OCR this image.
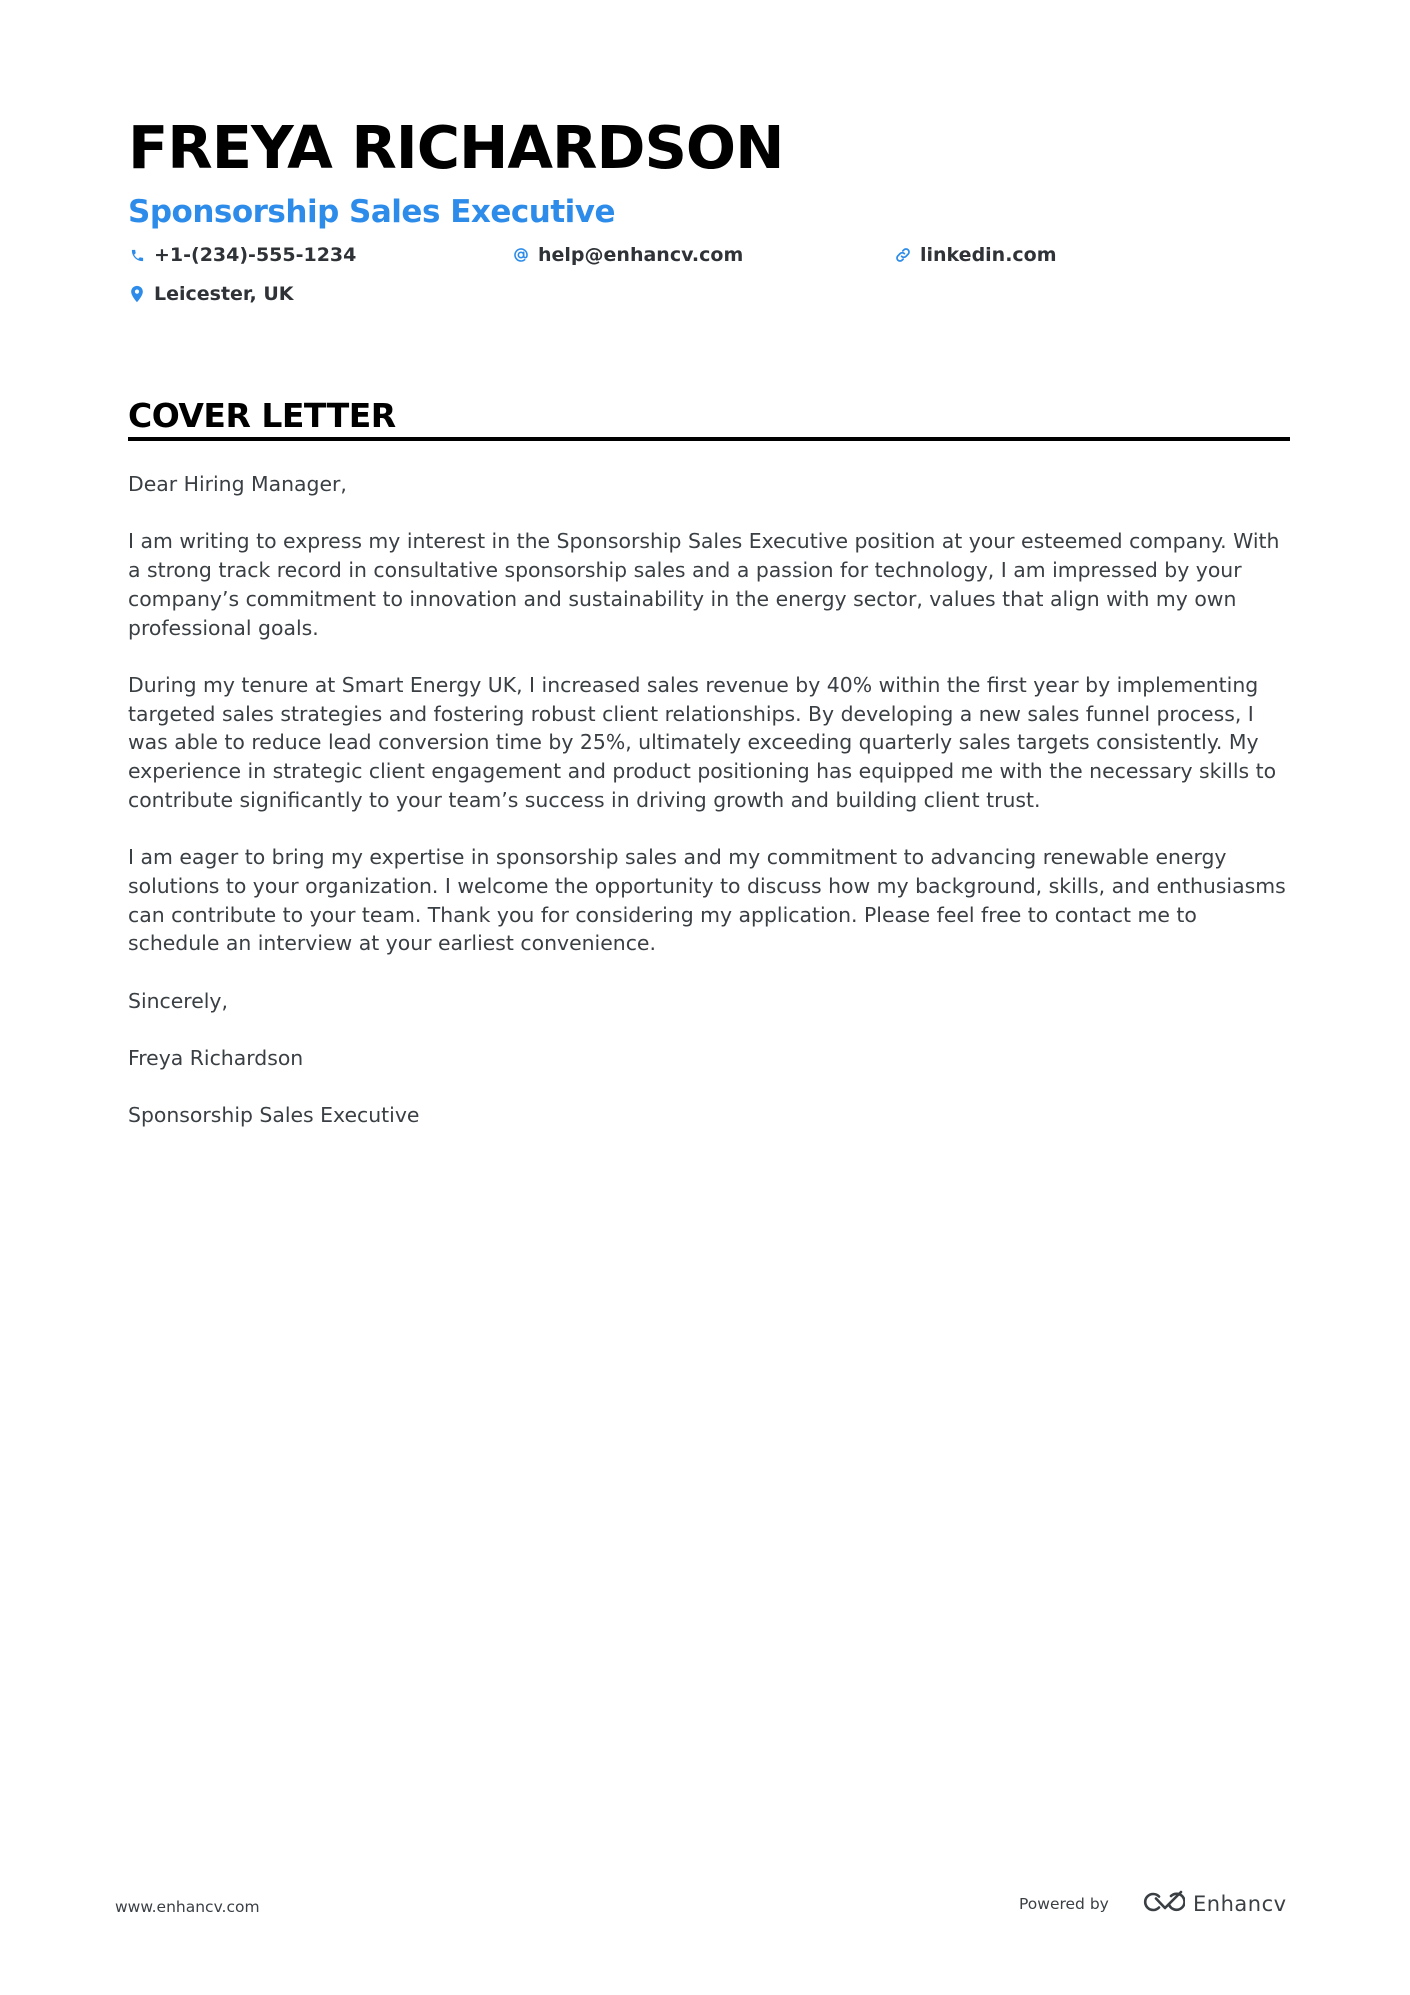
FREYA RICHARDSON
Sponsorship Sales Executive
+1-(234)-555-1234	help@enhancv.com	linkedin.com
Leicester, UK
COVER LETTER

Dear Hiring Manager,

I am writing to express my interest in the Sponsorship Sales Executive position at your esteemed company. With a strong track record in consultative sponsorship sales and a passion for technology, I am impressed by your company’s commitment to innovation and sustainability in the energy sector, values that align with my own professional goals.

During my tenure at Smart Energy UK, I increased sales revenue by 40% within the first year by implementing targeted sales strategies and fostering robust client relationships. By developing a new sales funnel process, I was able to reduce lead conversion time by 25%, ultimately exceeding quarterly sales targets consistently. My experience in strategic client engagement and product positioning has equipped me with the necessary skills to contribute significantly to your team’s success in driving growth and building client trust.

I am eager to bring my expertise in sponsorship sales and my commitment to advancing renewable energy solutions to your organization. I welcome the opportunity to discuss how my background, skills, and enthusiasms can contribute to your team. Thank you for considering my application. Please feel free to contact me to schedule an interview at your earliest convenience.

Sincerely,

Freya Richardson

Sponsorship Sales Executive

www.enhancv.com	Powered by	Enhancv
